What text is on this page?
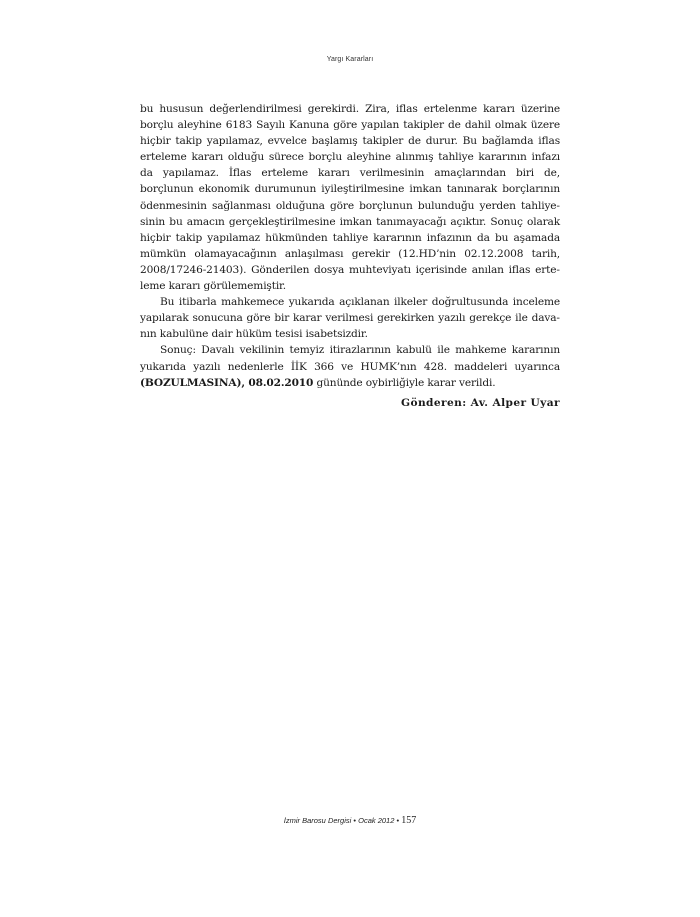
Yargı Kararları

bu hususun değerlendirilmesi gerekirdi. Zira, iflas ertelenme kararı üzerine borçlu aleyhine 6183 Sayılı Kanuna göre yapılan takipler de dahil olmak üzere hiçbir takip yapılamaz, evvelce başlamış takipler de durur. Bu bağlamda iflas erteleme kararı olduğu sürece borçlu aleyhine alınmış tahliye kararının infazı da yapılamaz. İflas erteleme kararı verilmesinin amaçlarından biri de, borçlunun ekonomik durumunun iyileştirilmesine imkan tanınarak borçlarının ödenmesinin sağlanması olduğuna göre borçlunun bulunduğu yerden tahliyesinin bu amacın gerçekleştirilmesine imkan tanımayacağı açıktır. Sonuç olarak hiçbir takip yapılamaz hükmünden tahliye kararının infazının da bu aşamada mümkün olamayacağının anlaşılması gerekir (12.HD’nin 02.12.2008 tarih, 2008/17246-21403). Gönderilen dosya muhteviyatı içerisinde anılan iflas erteleme kararı görülememiştir.

Bu itibarla mahkemece yukarıda açıklanan ilkeler doğrultusunda inceleme yapılarak sonucuna göre bir karar verilmesi gerekirken yazılı gerekçe ile davanın kabulüne dair hüküm tesisi isabetsizdir.

Sonuç: Davalı vekilinin temyiz itirazlarının kabulü ile mahkeme kararının yukarıda yazılı nedenlerle İİK 366 ve HUMK’nın 428. maddeleri uyarınca (BOZULMASINA), 08.02.2010 gününde oybirliğiyle karar verildi.

Gönderen: Av. Alper Uyar
İzmir Barosu Dergisi • Ocak 2012 • 157
